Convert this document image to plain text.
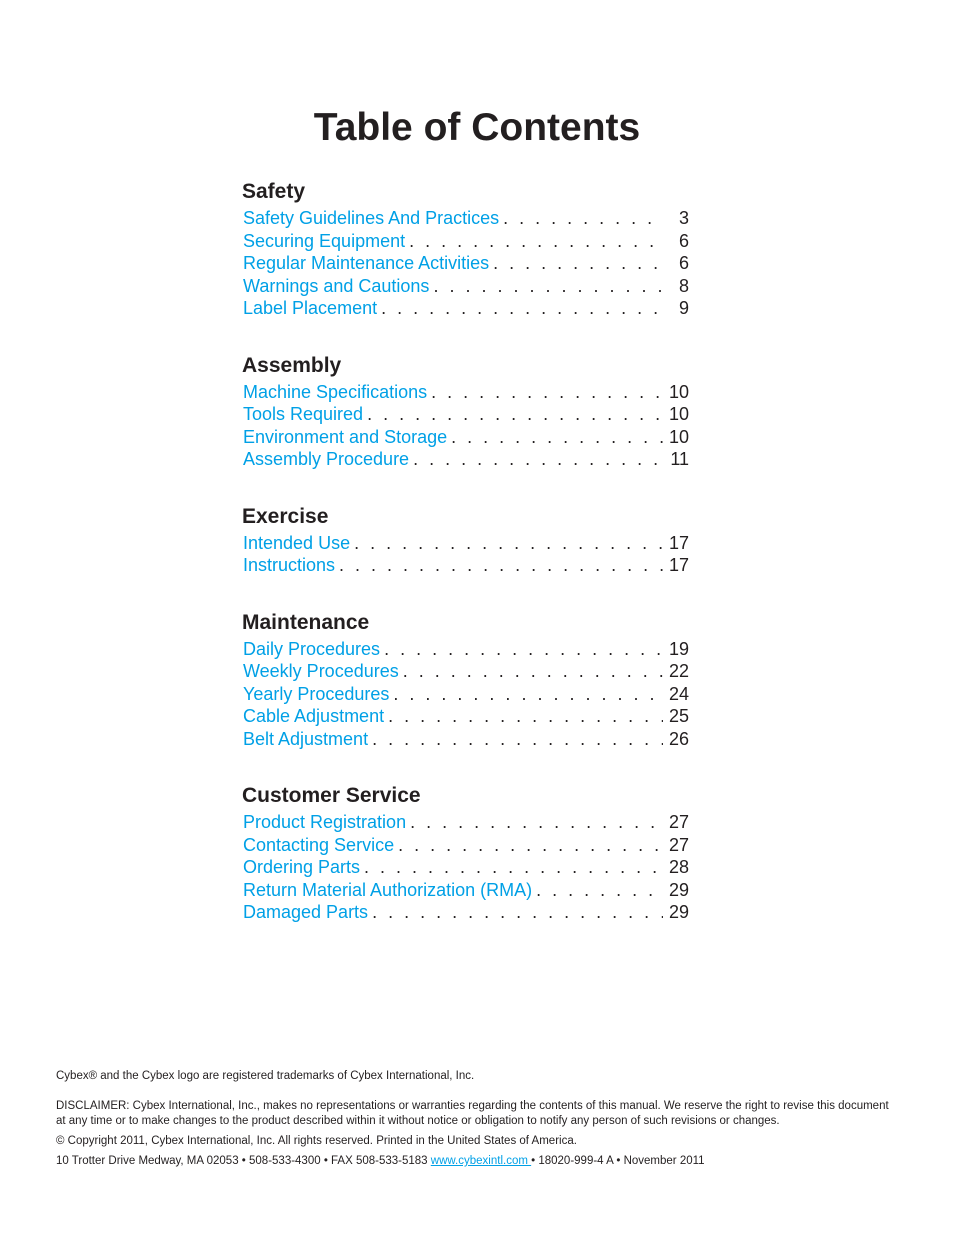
Table of Contents
Safety
Safety Guidelines And Practices . . .	3
Securing Equipment . . .	6
Regular Maintenance Activities . . .	6
Warnings and Cautions . . .	8
Label Placement . . .	9
Assembly
Machine Specifications . . .	10
Tools Required . . .	10
Environment and Storage . . .	10
Assembly Procedure . . .	11
Exercise
Intended Use . . .	17
Instructions . . .	17
Maintenance
Daily Procedures . . .	19
Weekly Procedures . . .	22
Yearly Procedures . . .	24
Cable Adjustment . . .	25
Belt Adjustment . . .	26
Customer Service
Product Registration . . .	27
Contacting Service . . .	27
Ordering Parts . . .	28
Return Material Authorization (RMA) . . .	29
Damaged Parts . . .	29

Cybex® and the Cybex logo are registered trademarks of Cybex International, Inc.

DISCLAIMER: Cybex International, Inc., makes no representations or warranties regarding the contents of this manual. We reserve the right to revise this document at any time or to make changes to the product described within it without notice or obligation to notify any person of such revisions or changes.

© Copyright 2011, Cybex International, Inc. All rights reserved. Printed in the United States of America.

10 Trotter Drive Medway, MA 02053 • 508-533-4300 • FAX 508-533-5183 www.cybexintl.com • 18020-999-4 A • November 2011
